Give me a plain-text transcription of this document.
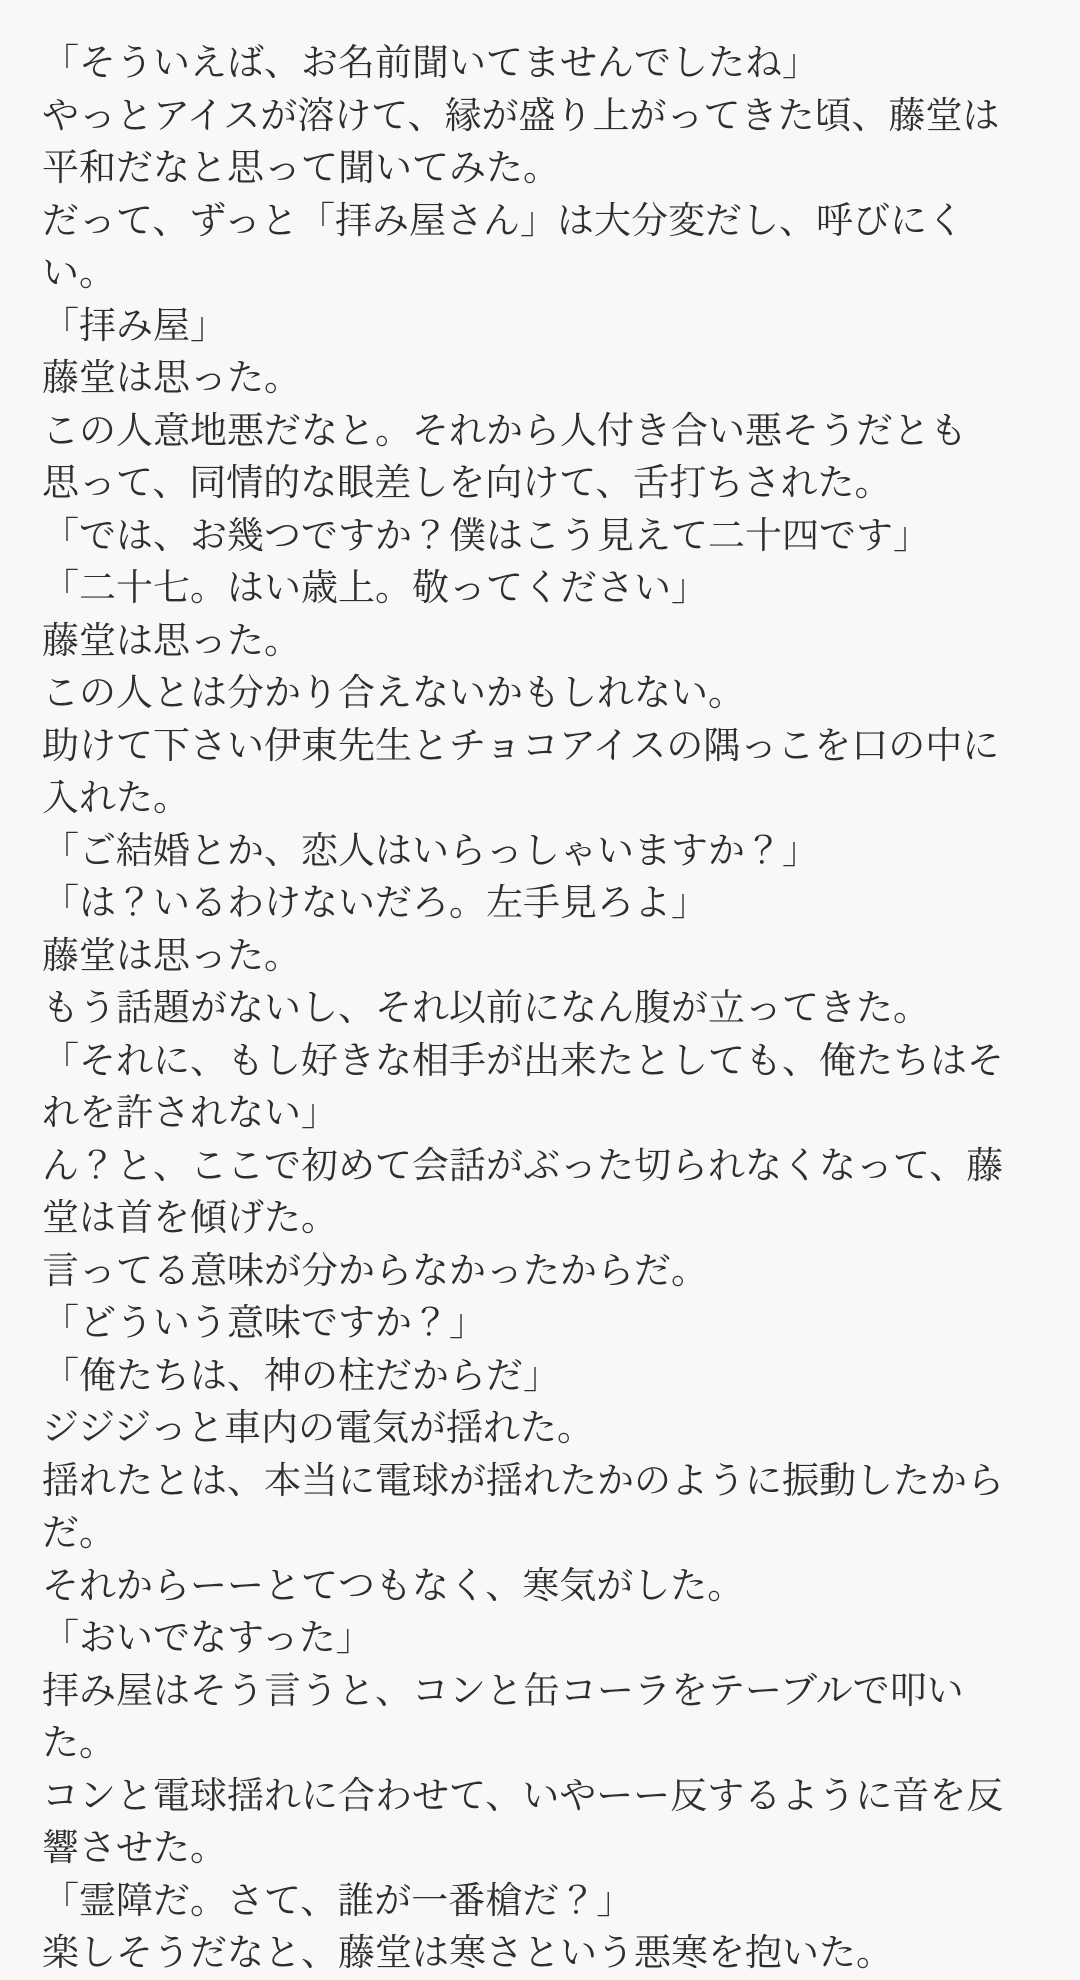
「そういえば、お名前聞いてませんでしたね」

やっとアイスが溶けて、縁が盛り上がってきた頃、藤堂は平和だなと思って聞いてみた。

だって、ずっと「拝み屋さん」は大分変だし、呼びにくい。

「拝み屋」

藤堂は思った。

この人意地悪だなと。それから人付き合い悪そうだとも思って、同情的な眼差しを向けて、舌打ちされた。

「では、お幾つですか？僕はこう見えて二十四です」

「二十七。はい歳上。敬ってください」

藤堂は思った。

この人とは分かり合えないかもしれない。

助けて下さい伊東先生とチョコアイスの隅っこを口の中に入れた。

「ご結婚とか、恋人はいらっしゃいますか？」

「は？いるわけないだろ。左手見ろよ」

藤堂は思った。

もう話題がないし、それ以前になん腹が立ってきた。

「それに、もし好きな相手が出来たとしても、俺たちはそれを許されない」

ん？と、ここで初めて会話がぶった切られなくなって、藤堂は首を傾げた。

言ってる意味が分からなかったからだ。

「どういう意味ですか？」

「俺たちは、神の柱だからだ」

ジジジっと車内の電気が揺れた。

揺れたとは、本当に電球が揺れたかのように振動したからだ。

それからーーとてつもなく、寒気がした。

「おいでなすった」

拝み屋はそう言うと、コンと缶コーラをテーブルで叩いた。

コンと電球揺れに合わせて、いやーー反するように音を反響させた。

「霊障だ。さて、誰が一番槍だ？」

楽しそうだなと、藤堂は寒さという悪寒を抱いた。
